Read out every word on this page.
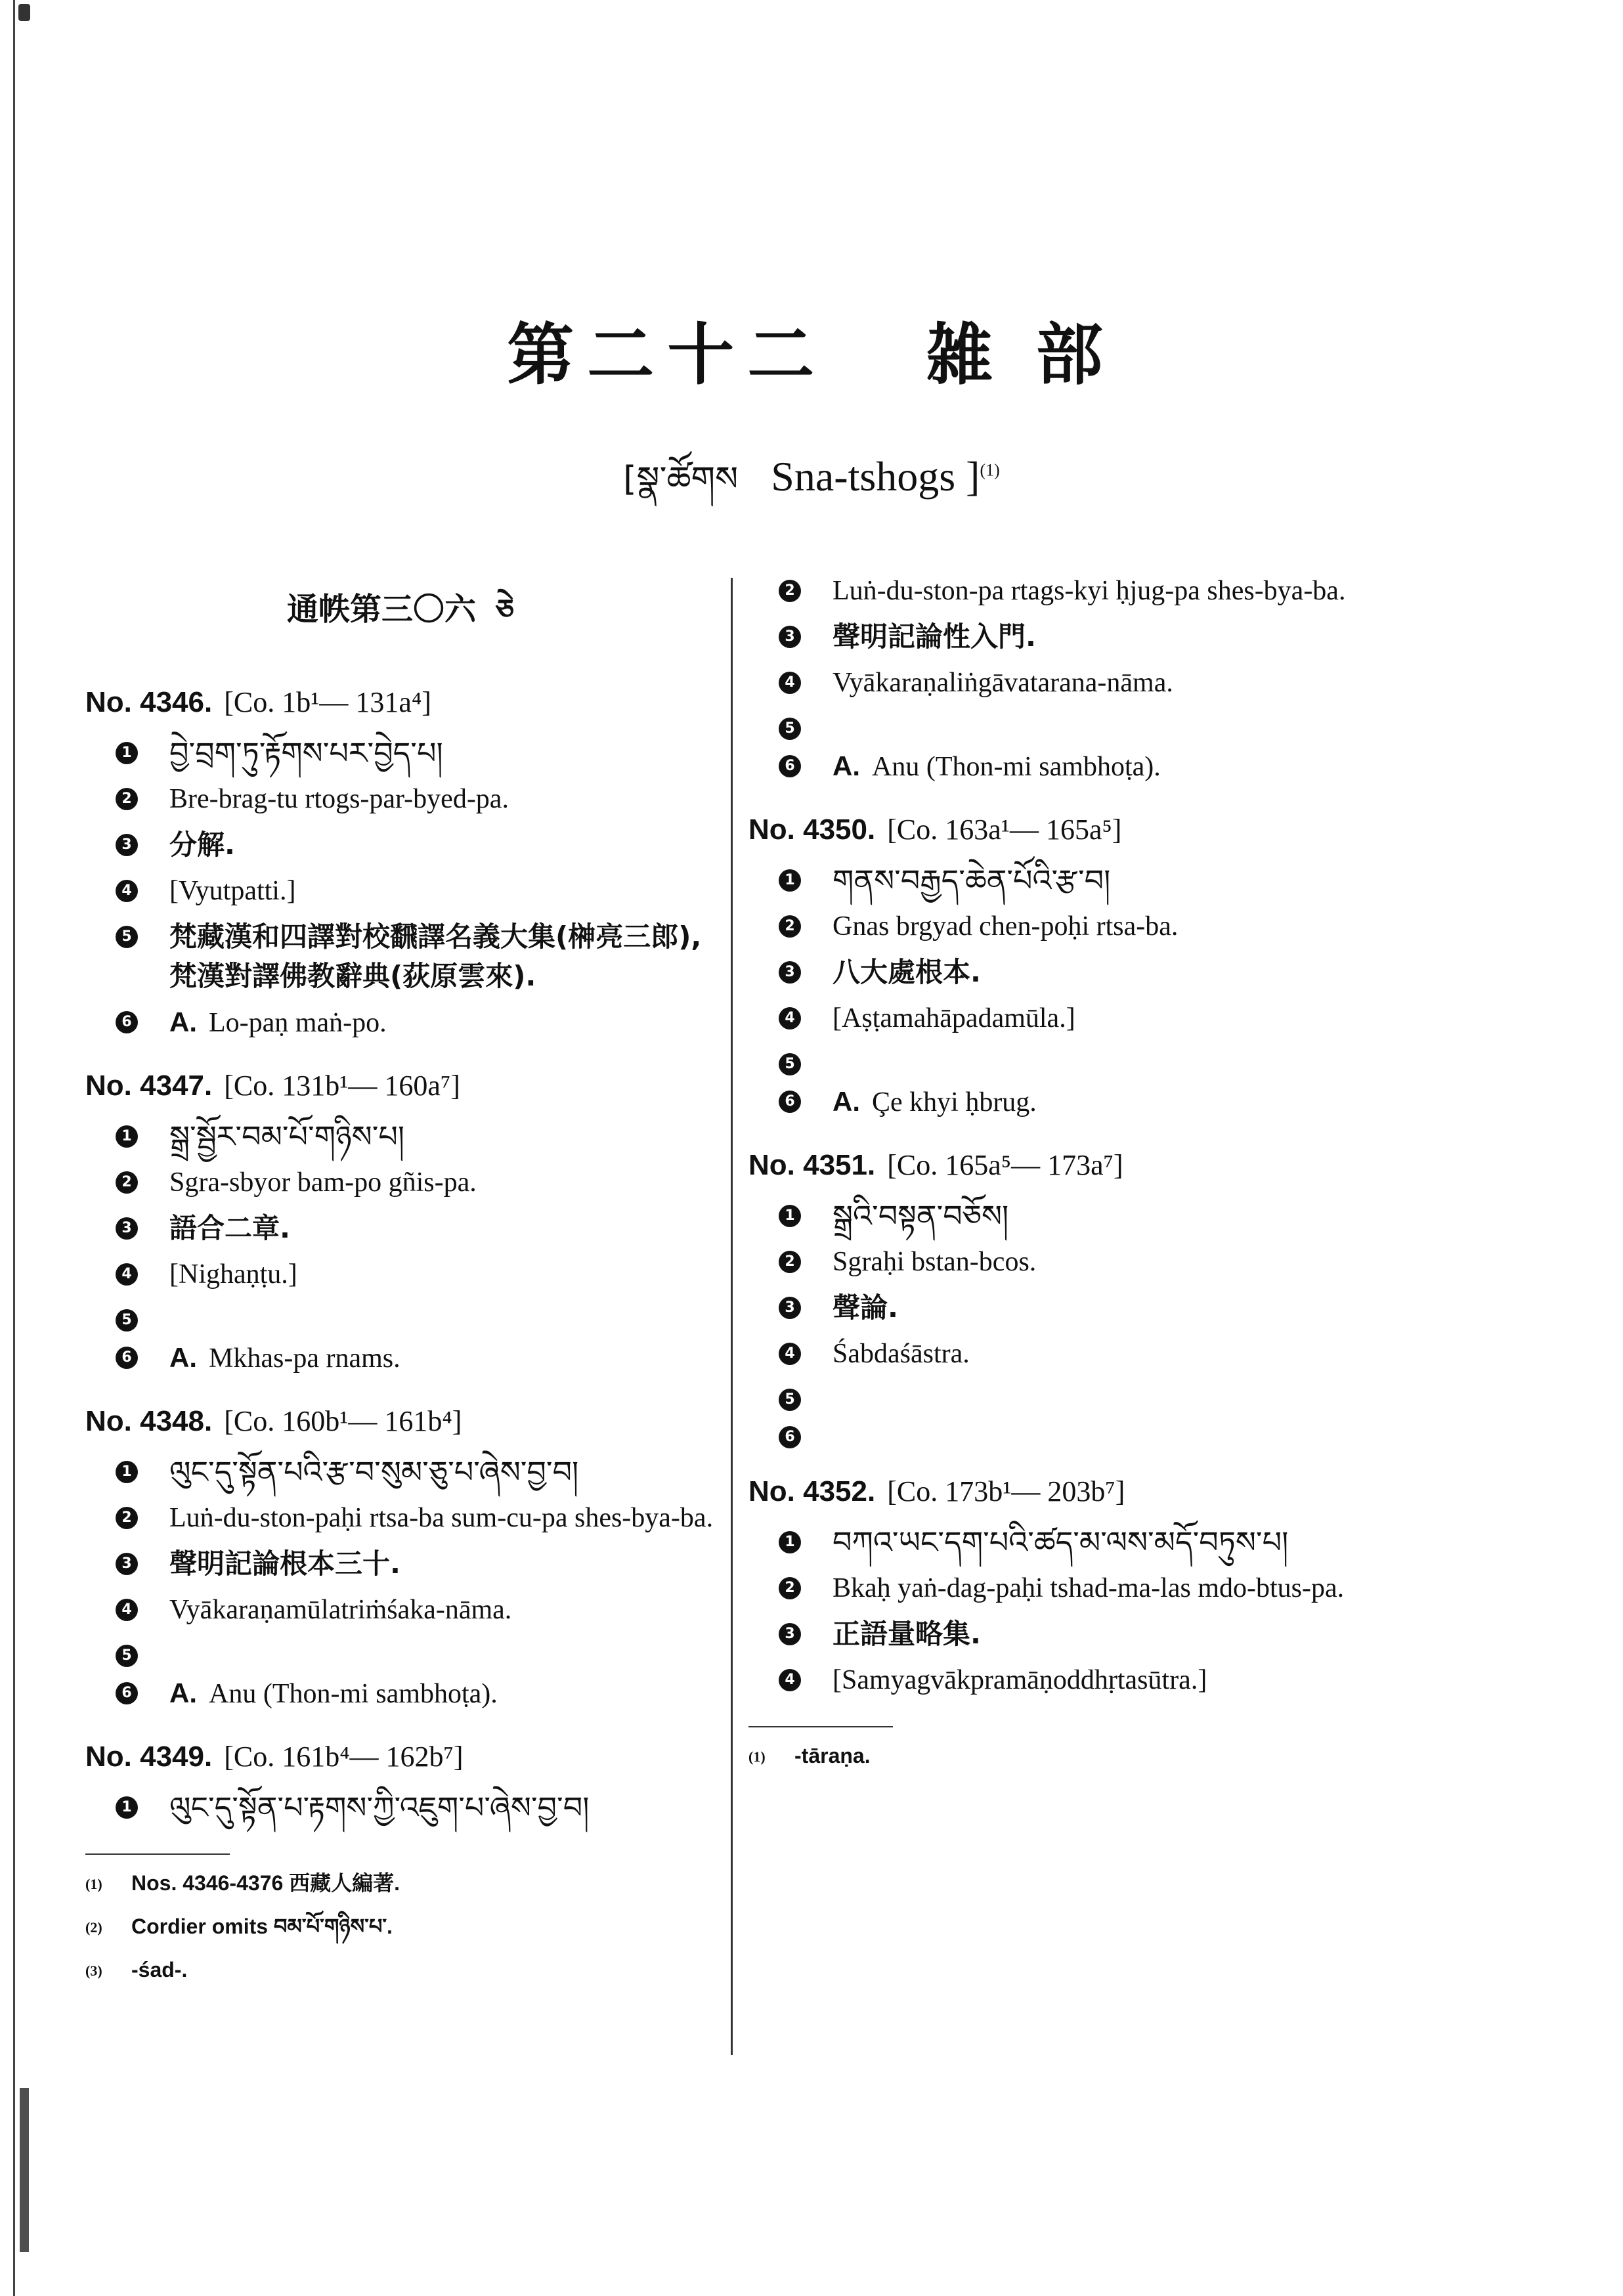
第二十二 雑 部
[སྣ་ཚོགས Sna-tshogs ]$^{(1)}$
通帙第三〇六 ཅེ
No. 4346. [Co. 1b¹— 131a⁴]
1 བྱེ་བྲག་ཏུ་རྟོགས་པར་བྱེད་པ།
2 Bre-brag-tu rtogs-par-byed-pa.
3 分解.
4 [Vyutpatti.]
5 梵藏漢和四譯對校飜譯名義大集(榊亮三郎), 梵漢對譯佛教辭典(荻原雲來).
6 A. Lo-paṇ maṅ-po.
No. 4347. [Co. 131b¹— 160a⁷]
1 སྒྲ་སྦྱོར་བམ་པོ་གཉིས་པ།
2 Sgra-sbyor bam-po gñis-pa.
3 語合二章.
4 [Nighaṇṭu.]
5
6 A. Mkhas-pa rnams.
No. 4348. [Co. 160b¹— 161b⁴]
1 ལུང་དུ་སྟོན་པའི་རྩ་བ་སུམ་ཅུ་པ་ཞེས་བྱ་བ།
2 Luṅ-du-ston-paḥi rtsa-ba sum-cu-pa shes-bya-ba.
3 聲明記論根本三十.
4 Vyākaraṇamūlatriṁśaka-nāma.
5
6 A. Anu (Thon-mi sambhoṭa).
No. 4349. [Co. 161b⁴— 162b⁷]
1 ལུང་དུ་སྟོན་པ་རྟགས་ཀྱི་འཇུག་པ་ཞེས་བྱ་བ།
(1)	Nos. 4346-4376 西藏人編著.
(2)	Cordier omits བམ་པོ་གཉིས་པ་.
(3)	-śad-.
2 Luṅ-du-ston-pa rtags-kyi ḥjug-pa shes-bya-ba.
3 聲明記論性入門.
4 Vyākaraṇaliṅgāvatarana-nāma.
5
6 A. Anu (Thon-mi sambhoṭa).
No. 4350. [Co. 163a¹— 165a⁵]
1 གནས་བརྒྱད་ཆེན་པོའི་རྩ་བ།
2 Gnas brgyad chen-poḥi rtsa-ba.
3 八大處根本.
4 [Aṣṭamahāpadamūla.]
5
6 A. Çe khyi ḥbrug.
No. 4351. [Co. 165a⁵— 173a⁷]
1 སྒྲའི་བསྟན་བཅོས།
2 Sgraḥi bstan-bcos.
3 聲論.
4 Śabdaśāstra.
5
6
No. 4352. [Co. 173b¹— 203b⁷]
1 བཀའ་ཡང་དག་པའི་ཚད་མ་ལས་མདོ་བཏུས་པ།
2 Bkaḥ yaṅ-dag-paḥi tshad-ma-las mdo-btus-pa.
3 正語量略集.
4 [Samyagvākpramāṇoddhṛtasūtra.]
(1)	-tāraṇa.
